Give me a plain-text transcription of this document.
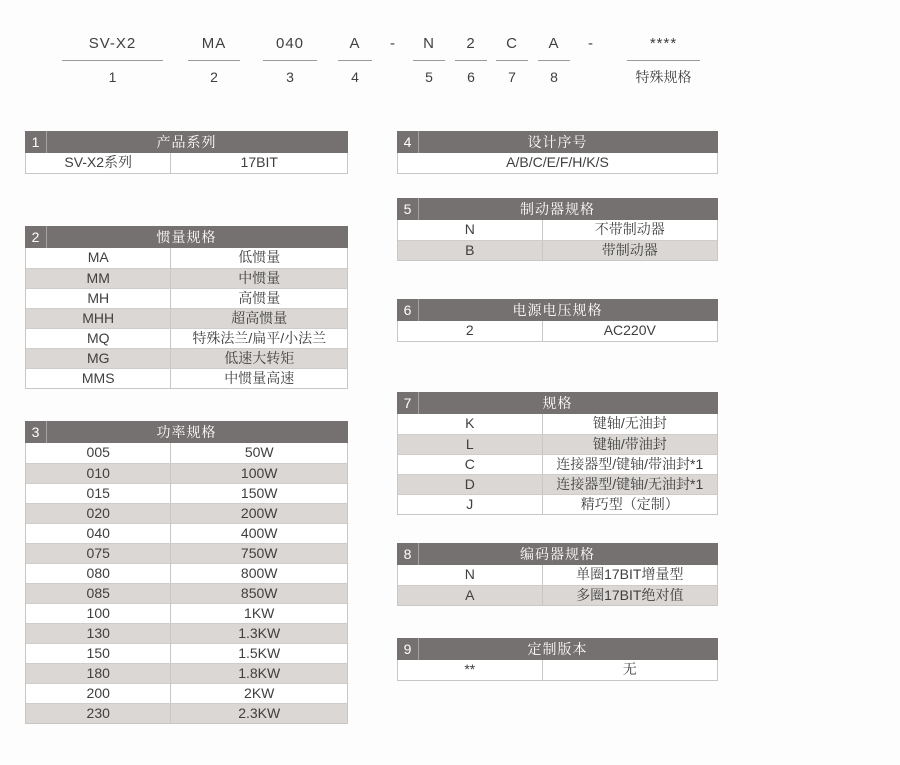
SV-X2
1
MA
2
040
3
A
4
-	N
5
2
6
C
7
A
8
-	****
特殊规格
1	产品系列
SV-X2系列	17BIT
2	惯量规格
MA	低惯量
MM	中惯量
MH	高惯量
MHH	超高惯量
MQ	特殊法兰/扁平/小法兰
MG	低速大转矩
MMS	中惯量高速
3	功率规格
005	50W
010	100W
015	150W
020	200W
040	400W
075	750W
080	800W
085	850W
100	1KW
130	1.3KW
150	1.5KW
180	1.8KW
200	2KW
230	2.3KW
4	设计序号
A/B/C/E/F/H/K/S
5	制动器规格
N	不带制动器
B	带制动器
6	电源电压规格
2	AC220V
7	规格
K	键轴/无油封
L	键轴/带油封
C	连接器型/键轴/带油封*1
D	连接器型/键轴/无油封*1
J	精巧型（定制）
8	编码器规格
N	单圈17BIT增量型
A	多圈17BIT绝对值
9	定制版本
**	无
